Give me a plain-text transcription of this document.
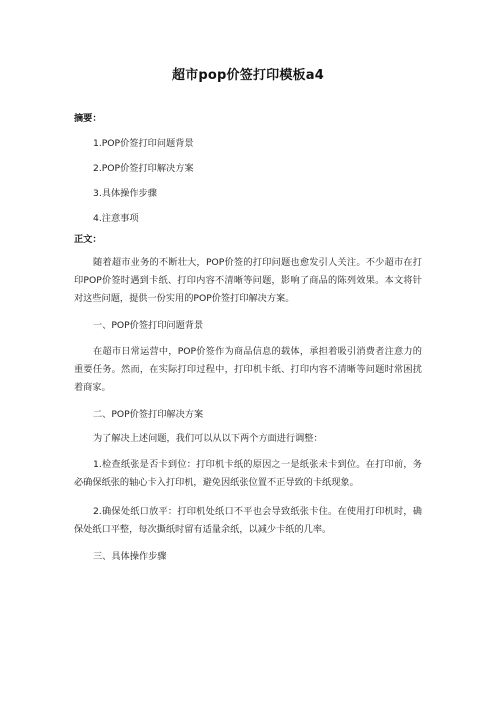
超市pop价签打印模板a4
摘要：
1.POP价签打印问题背景
2.POP价签打印解决方案
3.具体操作步骤
4.注意事项
正文：
随着超市业务的不断壮大，POP价签的打印问题也愈发引人关注。不少超市在打印POP价签时遇到卡纸、打印内容不清晰等问题，影响了商品的陈列效果。本文将针对这些问题，提供一份实用的POP价签打印解决方案。
一、POP价签打印问题背景
在超市日常运营中，POP价签作为商品信息的载体，承担着吸引消费者注意力的重要任务。然而，在实际打印过程中，打印机卡纸、打印内容不清晰等问题时常困扰着商家。
二、POP价签打印解决方案
为了解决上述问题，我们可以从以下两个方面进行调整：
1.检查纸张是否卡到位：打印机卡纸的原因之一是纸张未卡到位。在打印前，务必确保纸张的轴心卡入打印机，避免因纸张位置不正导致的卡纸现象。
2.确保处纸口放平：打印机处纸口不平也会导致纸张卡住。在使用打印机时，确保处纸口平整，每次撕纸时留有适量余纸，以减少卡纸的几率。
三、具体操作步骤
